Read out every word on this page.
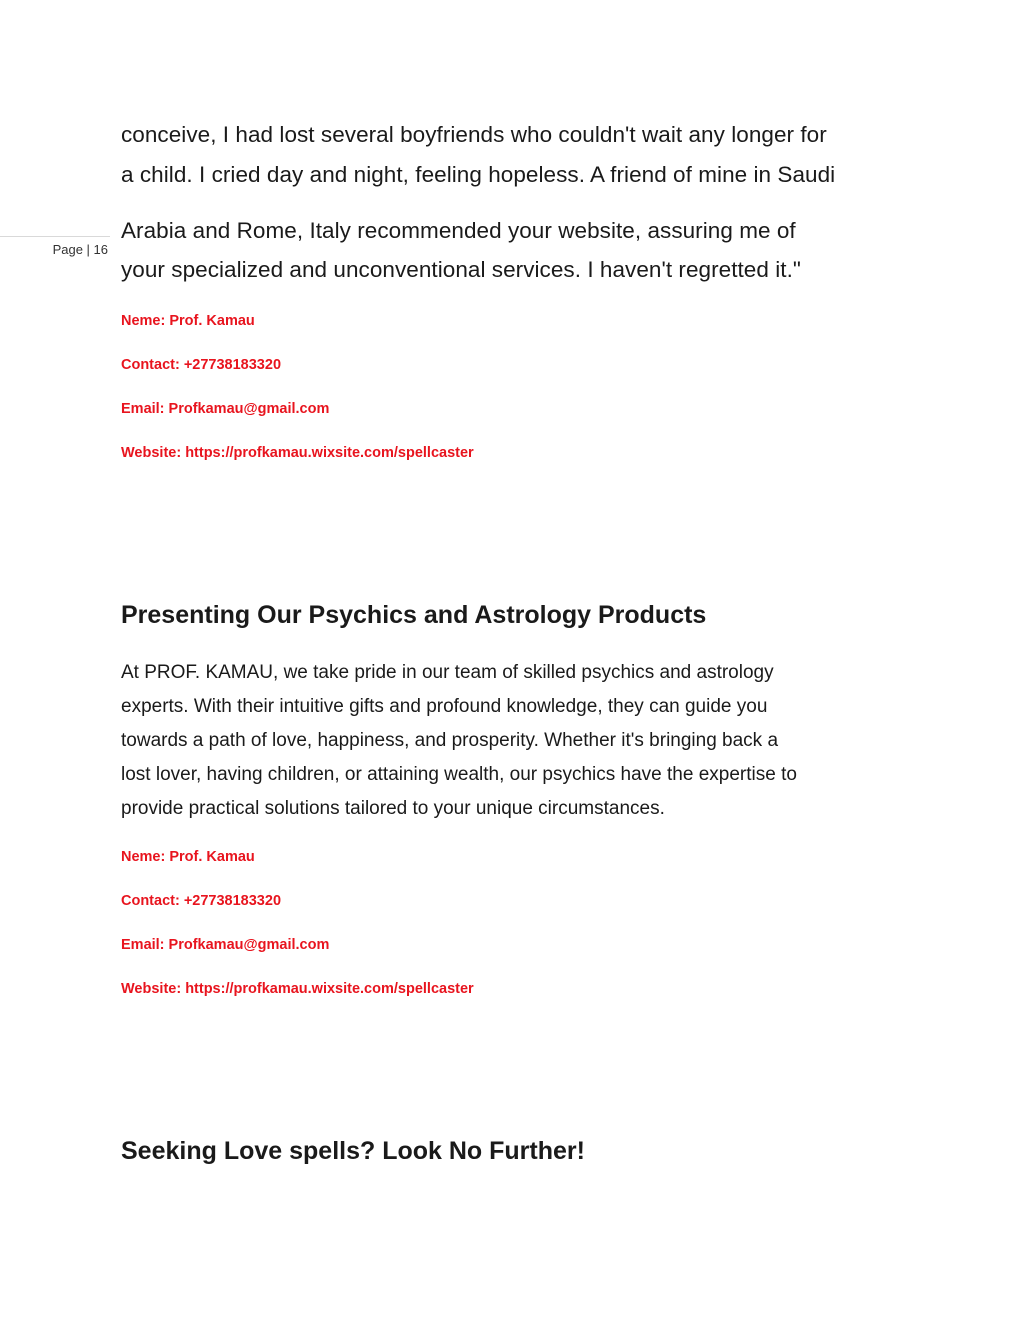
Page | 16
conceive, I had lost several boyfriends who couldn't wait any longer for
a child. I cried day and night, feeling hopeless. A friend of mine in Saudi
Arabia and Rome, Italy recommended your website, assuring me of
your specialized and unconventional services. I haven't regretted it."
Neme: Prof. Kamau
Contact: +27738183320
Email: Profkamau@gmail.com
Website: https://profkamau.wixsite.com/spellcaster
Presenting Our Psychics and Astrology Products
At PROF. KAMAU, we take pride in our team of skilled psychics and astrology
experts. With their intuitive gifts and profound knowledge, they can guide you
towards a path of love, happiness, and prosperity. Whether it's bringing back a
lost lover, having children, or attaining wealth, our psychics have the expertise to
provide practical solutions tailored to your unique circumstances.
Neme: Prof. Kamau
Contact: +27738183320
Email: Profkamau@gmail.com
Website: https://profkamau.wixsite.com/spellcaster
Seeking Love spells? Look No Further!
